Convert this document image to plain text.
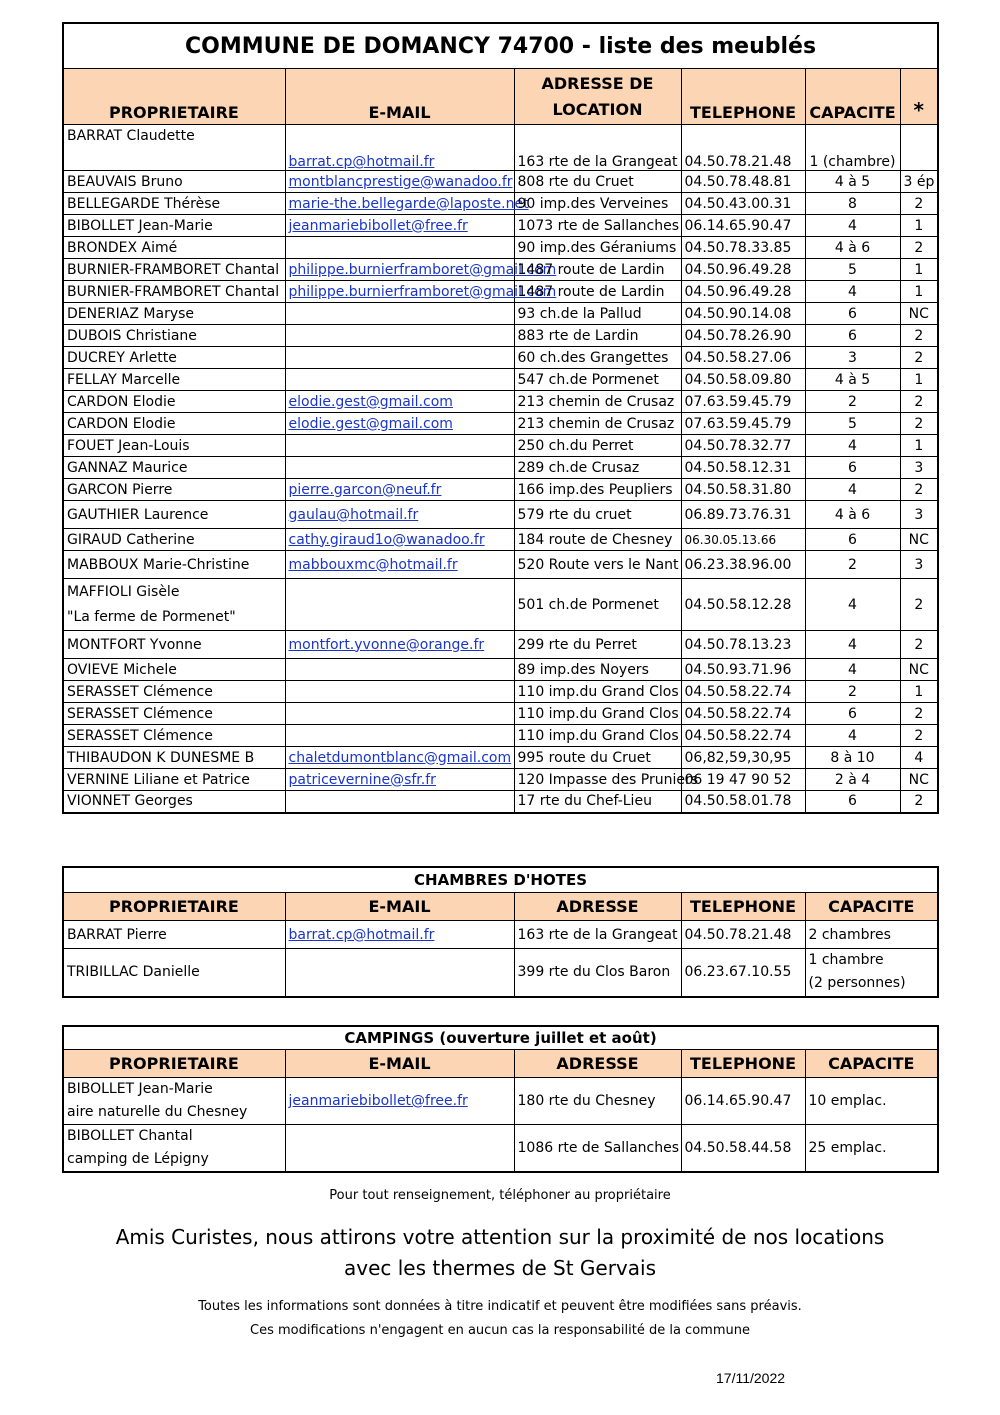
COMMUNE DE DOMANCY 74700 - liste des meublés					
PROPRIETAIRE	E-MAIL	ADRESSE DE LOCATION	TELEPHONE	CAPACITE	*
BARRAT Claudette	barrat.cp@hotmail.fr	163 rte de la Grangeat	04.50.78.21.48	1 (chambre)	
BEAUVAIS Bruno	montblancprestige@wanadoo.fr	808 rte du Cruet	04.50.78.48.81	4 à 5	3 ép
BELLEGARDE Thérèse	marie-the.bellegarde@laposte.net	90 imp.des Verveines	04.50.43.00.31	8	2
BIBOLLET Jean-Marie	jeanmariebibollet@free.fr	1073 rte de Sallanches	06.14.65.90.47	4	1
BRONDEX Aimé		90 imp.des Géraniums	04.50.78.33.85	4 à 6	2
BURNIER-FRAMBORET Chantal	philippe.burnierframboret@gmail.com	1487 route de Lardin	04.50.96.49.28	5	1
BURNIER-FRAMBORET Chantal	philippe.burnierframboret@gmail.com	1487 route de Lardin	04.50.96.49.28	4	1
DENERIAZ Maryse		93 ch.de la Pallud	04.50.90.14.08	6	NC
DUBOIS Christiane		883 rte de Lardin	04.50.78.26.90	6	2
DUCREY Arlette		60 ch.des Grangettes	04.50.58.27.06	3	2
FELLAY Marcelle		547 ch.de Pormenet	04.50.58.09.80	4 à 5	1
CARDON Elodie	elodie.gest@gmail.com	213 chemin de Crusaz	07.63.59.45.79	2	2
CARDON Elodie	elodie.gest@gmail.com	213 chemin de Crusaz	07.63.59.45.79	5	2
FOUET Jean-Louis		250 ch.du Perret	04.50.78.32.77	4	1
GANNAZ Maurice		289 ch.de Crusaz	04.50.58.12.31	6	3
GARCON Pierre	pierre.garcon@neuf.fr	166 imp.des Peupliers	04.50.58.31.80	4	2
GAUTHIER Laurence	gaulau@hotmail.fr	579 rte du cruet	06.89.73.76.31	4 à 6	3
GIRAUD Catherine	cathy.giraud1o@wanadoo.fr	184 route de Chesney	06.30.05.13.66	6	NC
MABBOUX Marie-Christine	mabbouxmc@hotmail.fr	520 Route vers le Nant	06.23.38.96.00	2	3

MAFFIOLI Gisèle
"La ferme de Pormenet"		501 ch.de Pormenet	04.50.58.12.28	4	2
MONTFORT Yvonne	montfort.yvonne@orange.fr	299 rte du Perret	04.50.78.13.23	4	2
OVIEVE Michele		89 imp.des Noyers	04.50.93.71.96	4	NC
SERASSET Clémence		110 imp.du Grand Clos	04.50.58.22.74	2	1
SERASSET Clémence		110 imp.du Grand Clos	04.50.58.22.74	6	2
SERASSET Clémence		110 imp.du Grand Clos	04.50.58.22.74	4	2
THIBAUDON K DUNESME B	chaletdumontblanc@gmail.com	995 route du Cruet	06,82,59,30,95	8 à 10	4
VERNINE Liliane et Patrice	patricevernine@sfr.fr	120 Impasse des Pruniers	06 19 47 90 52	2 à 4	NC
VIONNET Georges		17 rte du Chef-Lieu	04.50.58.01.78	6	2
CHAMBRES D'HOTES				
PROPRIETAIRE	E-MAIL	ADRESSE	TELEPHONE	CAPACITE
BARRAT Pierre	barrat.cp@hotmail.fr	163 rte de la Grangeat	04.50.78.21.48	2 chambres
TRIBILLAC Danielle		399 rte du Clos Baron	06.23.67.10.55	1 chambre
(2 personnes)
CAMPINGS (ouverture juillet et août)				
PROPRIETAIRE	E-MAIL	ADRESSE	TELEPHONE	CAPACITE

BIBOLLET Jean-Marie
aire naturelle du Chesney	jeanmariebibollet@free.fr	180 rte du Chesney	06.14.65.90.47	10 emplac.

BIBOLLET Chantal
camping de Lépigny		1086 rte de Sallanches	04.50.58.44.58	25 emplac.
Pour tout renseignement, téléphoner au propriétaire
Amis Curistes, nous attirons votre attention sur la proximité de nos locations
avec les thermes de St Gervais
Toutes les informations sont données à titre indicatif et peuvent être modifiées sans préavis.
Ces modifications n'engagent en aucun cas la responsabilité de la commune
17/11/2022
